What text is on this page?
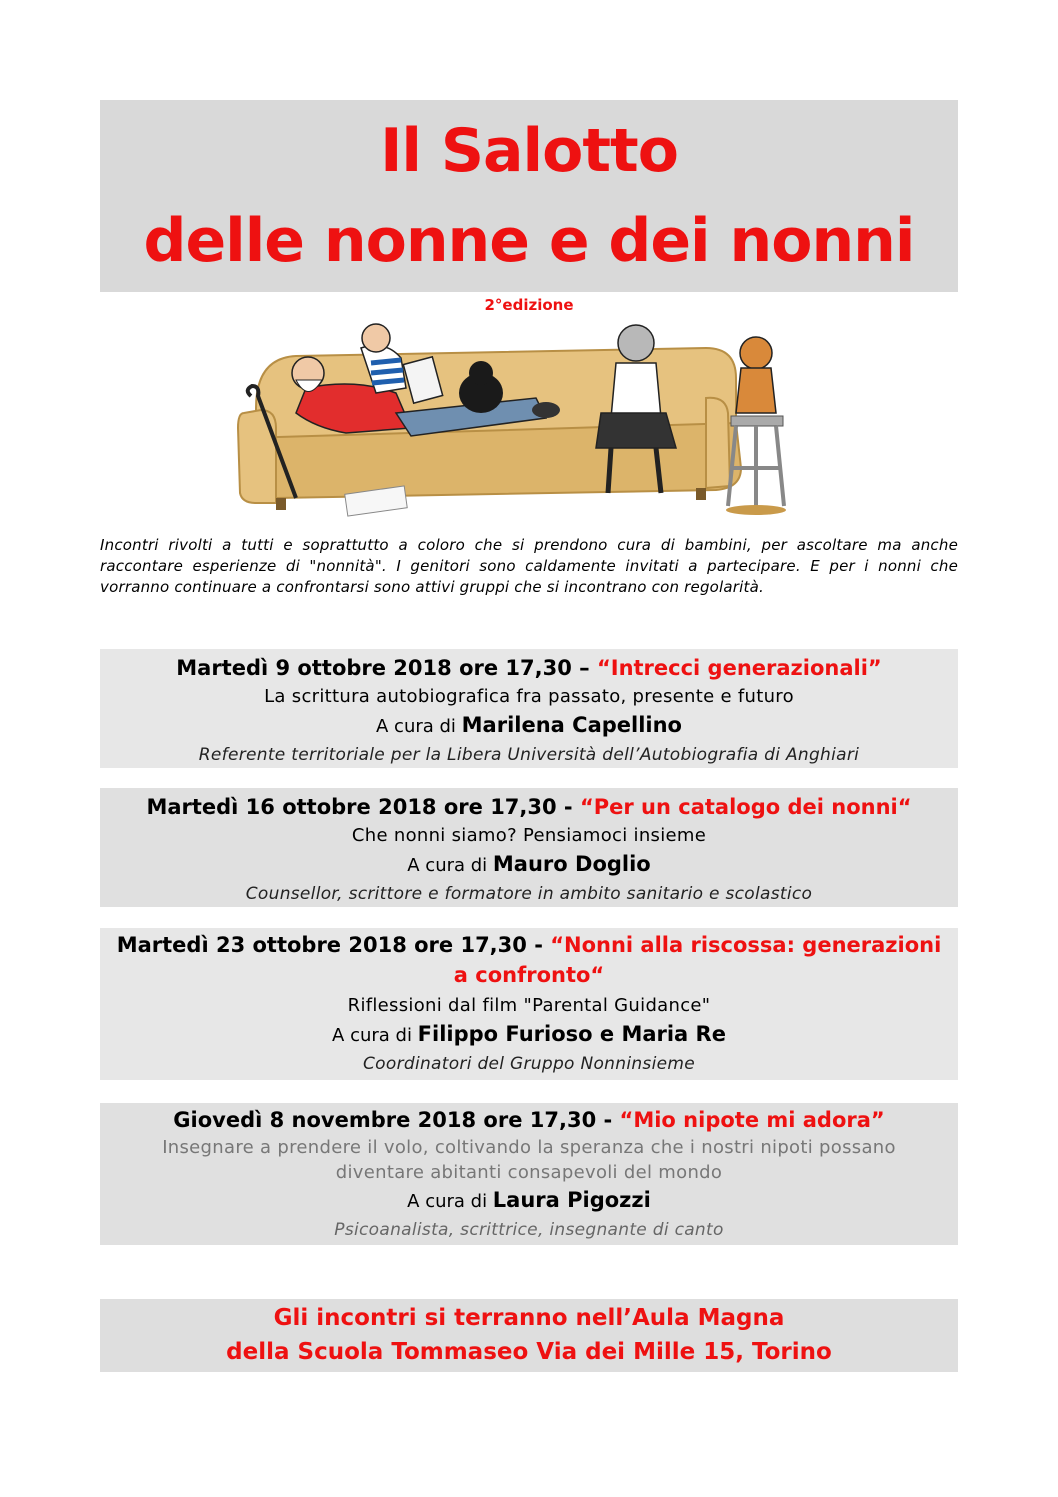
Il Salotto
delle nonne e dei nonni
2°edizione
Incontri rivolti a tutti e soprattutto a coloro che si prendono cura di bambini, per ascoltare ma anche raccontare esperienze di "nonnità". I genitori sono caldamente invitati a partecipare. E per i nonni che vorranno continuare a confrontarsi sono attivi gruppi che si incontrano con regolarità.
Martedì 9 ottobre 2018 ore 17,30 – “Intrecci generazionali”
La scrittura autobiografica fra passato, presente e futuro
A cura di Marilena Capellino
Referente territoriale per la Libera Università dell’Autobiografia di Anghiari
Martedì 16 ottobre 2018 ore 17,30 - “Per un catalogo dei nonni“
Che nonni siamo? Pensiamoci insieme
A cura di Mauro Doglio
Counsellor, scrittore e formatore in ambito sanitario e scolastico
Martedì 23 ottobre 2018 ore 17,30 - “Nonni alla riscossa: generazioni a confronto“
Riflessioni dal film "Parental Guidance"
A cura di Filippo Furioso e Maria Re
Coordinatori del Gruppo Nonninsieme
Giovedì 8 novembre 2018 ore 17,30 - “Mio nipote mi adora”
Insegnare a prendere il volo, coltivando la speranza che i nostri nipoti possano diventare abitanti consapevoli del mondo
A cura di Laura Pigozzi
Psicoanalista, scrittrice, insegnante di canto
Gli incontri si terranno nell’Aula Magna
della Scuola Tommaseo Via dei Mille 15, Torino
